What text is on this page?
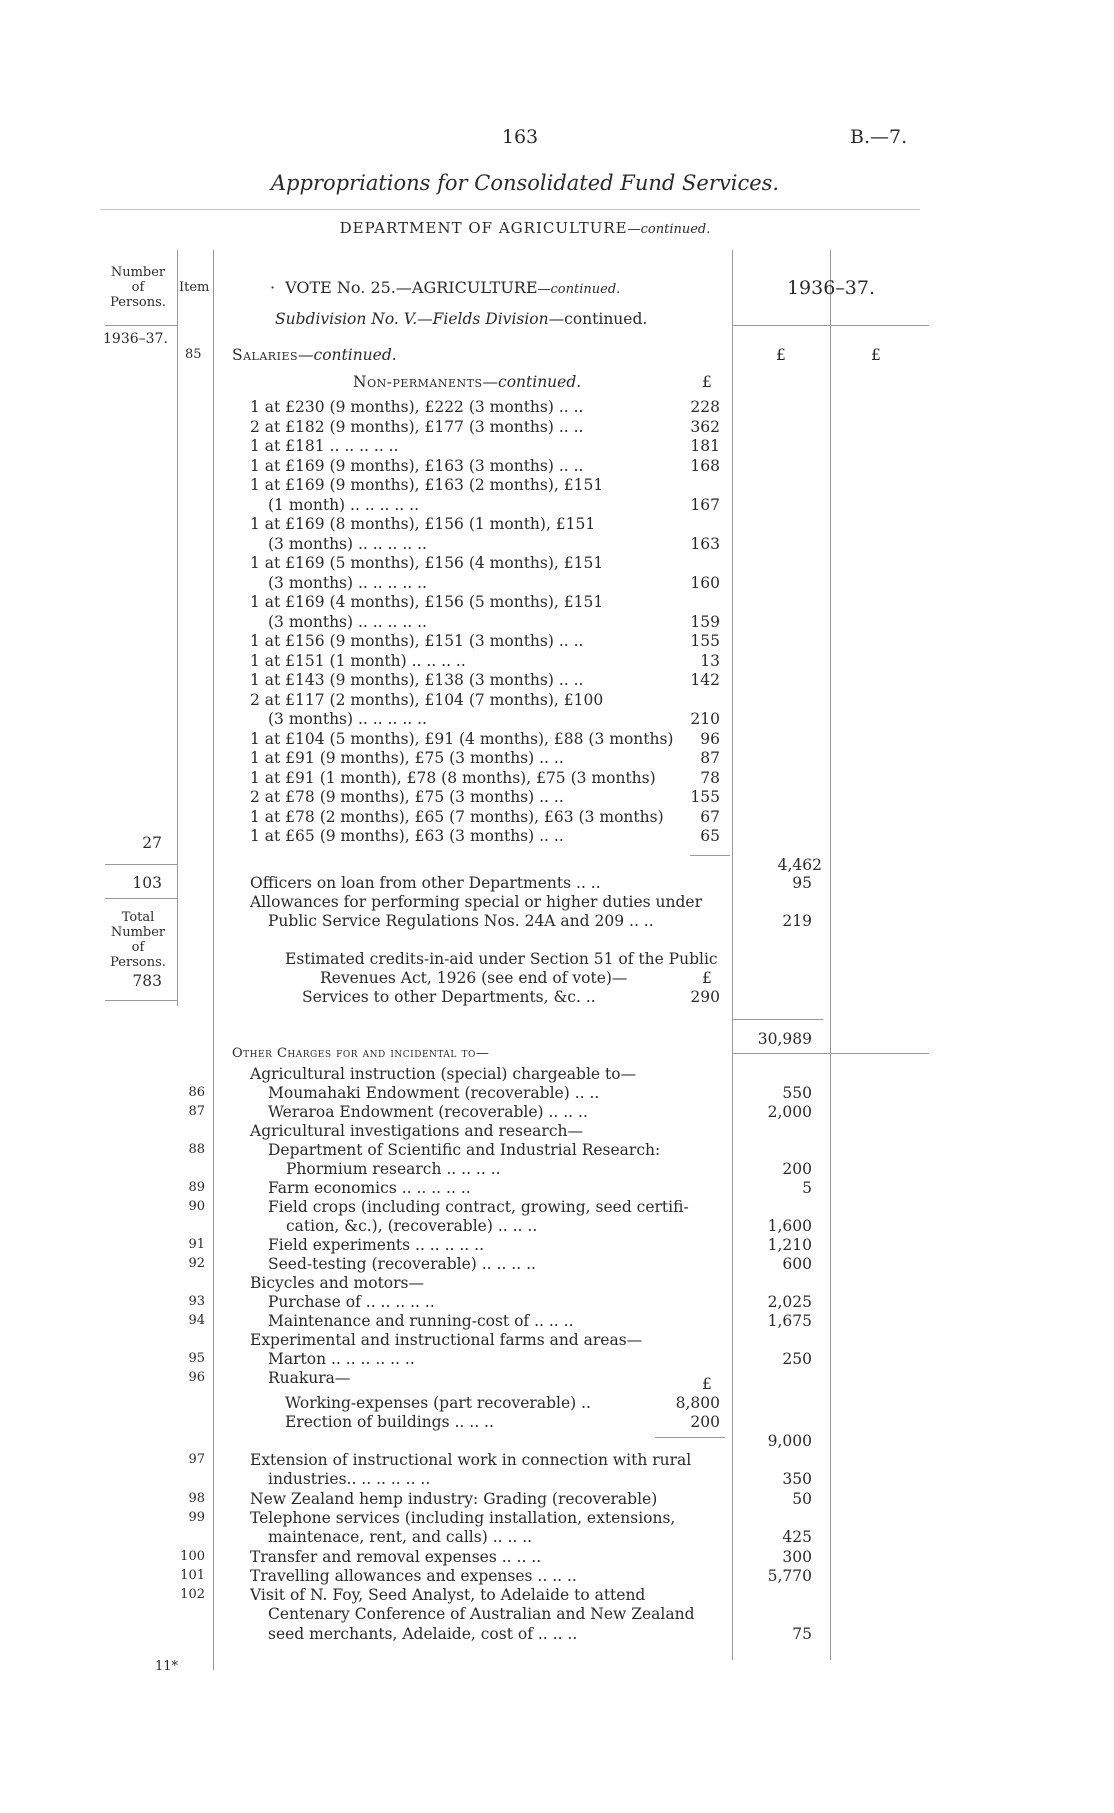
163	B.—7.
Appropriations for Consolidated Fund Services.
DEPARTMENT OF AGRICULTURE—continued.
Number of Persons.
Item
1936–37.
1936–37.
£	£
· VOTE No. 25.—AGRICULTURE—continued.
Subdivision No. V.—Fields Division—continued.
85 Salaries—continued.
Non-permanents—continued.	£
1 at £230 (9 months), £222 (3 months) .. ..	228
2 at £182 (9 months), £177 (3 months) .. ..	362
1 at £181 .. .. .. .. ..	181
1 at £169 (9 months), £163 (3 months) .. ..	168
1 at £169 (9 months), £163 (2 months), £151
(1 month) .. .. .. .. ..	167
1 at £169 (8 months), £156 (1 month), £151
(3 months) .. .. .. .. ..	163
1 at £169 (5 months), £156 (4 months), £151
(3 months) .. .. .. .. ..	160
1 at £169 (4 months), £156 (5 months), £151
(3 months) .. .. .. .. ..	159
1 at £156 (9 months), £151 (3 months) .. ..	155
1 at £151 (1 month) .. .. .. ..	13
1 at £143 (9 months), £138 (3 months) .. ..	142
2 at £117 (2 months), £104 (7 months), £100
(3 months) .. .. .. .. ..	210
1 at £104 (5 months), £91 (4 months), £88 (3 months)	96
1 at £91 (9 months), £75 (3 months) .. ..	87
1 at £91 (1 month), £78 (8 months), £75 (3 months)	78
2 at £78 (9 months), £75 (3 months) .. ..	155
1 at £78 (2 months), £65 (7 months), £63 (3 months)	67
1 at £65 (9 months), £63 (3 months) .. ..	65
27
4,462
103	Officers on loan from other Departments .. ..	95
Allowances for performing special or higher duties under
Public Service Regulations Nos. 24A and 209 .. ..	219
Total Number of Persons.
783
Estimated credits-in-aid under Section 51 of the Public
Revenues Act, 1926 (see end of vote)—	£
Services to other Departments, &c. ..	290
30,989
Other Charges for and incidental to—
Agricultural instruction (special) chargeable to—
86	Moumahaki Endowment (recoverable) .. ..	550
87	Weraroa Endowment (recoverable) .. .. ..	2,000
Agricultural investigations and research—
88	Department of Scientific and Industrial Research:
Phormium research .. .. .. ..	200
89	Farm economics .. .. .. .. ..	5
90	Field crops (including contract, growing, seed certifi-
cation, &c.), (recoverable) .. .. ..	1,600
91	Field experiments .. .. .. .. ..	1,210
92	Seed-testing (recoverable) .. .. .. ..	600
Bicycles and motors—
93	Purchase of .. .. .. .. ..	2,025
94	Maintenance and running-cost of .. .. ..	1,675
Experimental and instructional farms and areas—
95	Marton .. .. .. .. .. ..	250
96	Ruakura—	£
Working-expenses (part recoverable) ..	8,800
Erection of buildings .. .. ..	200
9,000
97	Extension of instructional work in connection with rural
industries.. .. .. .. .. ..	350
98	New Zealand hemp industry: Grading (recoverable)	50
99	Telephone services (including installation, extensions,
maintenace, rent, and calls) .. .. ..	425
100	Transfer and removal expenses .. .. ..	300
101	Travelling allowances and expenses .. .. ..	5,770
102	Visit of N. Foy, Seed Analyst, to Adelaide to attend
Centenary Conference of Australian and New Zealand
seed merchants, Adelaide, cost of .. .. ..	75
11*
